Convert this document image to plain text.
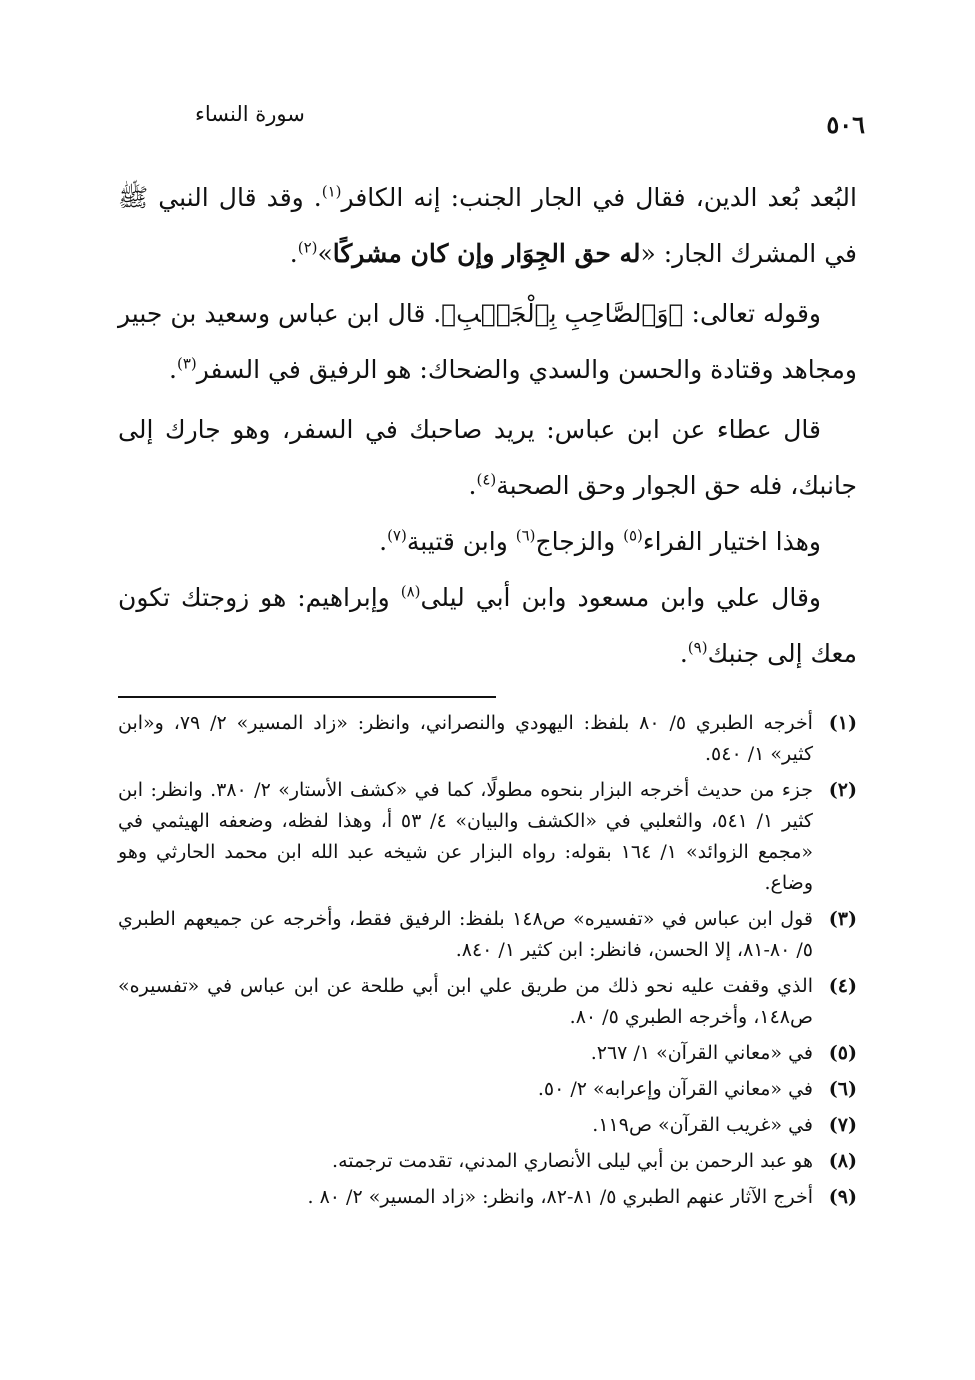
٥٠٦
سورة النساء

البُعد بُعد الدين، فقال في الجار الجنب: إنه الكافر$^{(١)}$. وقد قال النبي ﷺ في المشرك الجار: «له حق الجِوَار وإن كان مشركًا»$^{(٢)}$.

وقوله تعالى: ﴿وَٱلصَّاحِبِ بِٱلْجَنۢبِ﴾. قال ابن عباس وسعيد بن جبير ومجاهد وقتادة والحسن والسدي والضحاك: هو الرفيق في السفر$^{(٣)}$.

قال عطاء عن ابن عباس: يريد صاحبك في السفر، وهو جارك إلى جانبك، فله حق الجوار وحق الصحبة$^{(٤)}$.

وهذا اختيار الفراء$^{(٥)}$ والزجاج$^{(٦)}$ وابن قتيبة$^{(٧)}$.

وقال علي وابن مسعود وابن أبي ليلى$^{(٨)}$ وإبراهيم: هو زوجتك تكون معك إلى جنبك$^{(٩)}$.

(١)
أخرجه الطبري ٥/ ٨٠ بلفظ: اليهودي والنصراني، وانظر: «زاد المسير» ٢/ ٧٩، و«ابن كثير» ١/ ٥٤٠.

(٢)
جزء من حديث أخرجه البزار بنحوه مطولًا، كما في «كشف الأستار» ٢/ ٣٨٠. وانظر: ابن كثير ١/ ٥٤١، والثعلبي في «الكشف والبيان» ٤/ ٥٣ أ، وهذا لفظه، وضعفه الهيثمي في «مجمع الزوائد» ١/ ١٦٤ بقوله: رواه البزار عن شيخه عبد الله ابن محمد الحارثي وهو وضاع.

(٣)
قول ابن عباس في «تفسيره» ص١٤٨ بلفظ: الرفيق فقط، وأخرجه عن جميعهم الطبري ٥/ ٨٠-٨١، إلا الحسن، فانظر: ابن كثير ١/ ٨٤٠.

(٤)
الذي وقفت عليه نحو ذلك من طريق علي ابن أبي طلحة عن ابن عباس في «تفسيره» ص١٤٨، وأخرجه الطبري ٥/ ٨٠.

(٥)
في «معاني القرآن» ١/ ٢٦٧.

(٦)
في «معاني القرآن وإعرابه» ٢/ ٥٠.

(٧)
في «غريب القرآن» ص١١٩.

(٨)
هو عبد الرحمن بن أبي ليلى الأنصاري المدني، تقدمت ترجمته.

(٩)
أخرج الآثار عنهم الطبري ٥/ ٨١-٨٢، وانظر: «زاد المسير» ٢/ ٨٠ .
